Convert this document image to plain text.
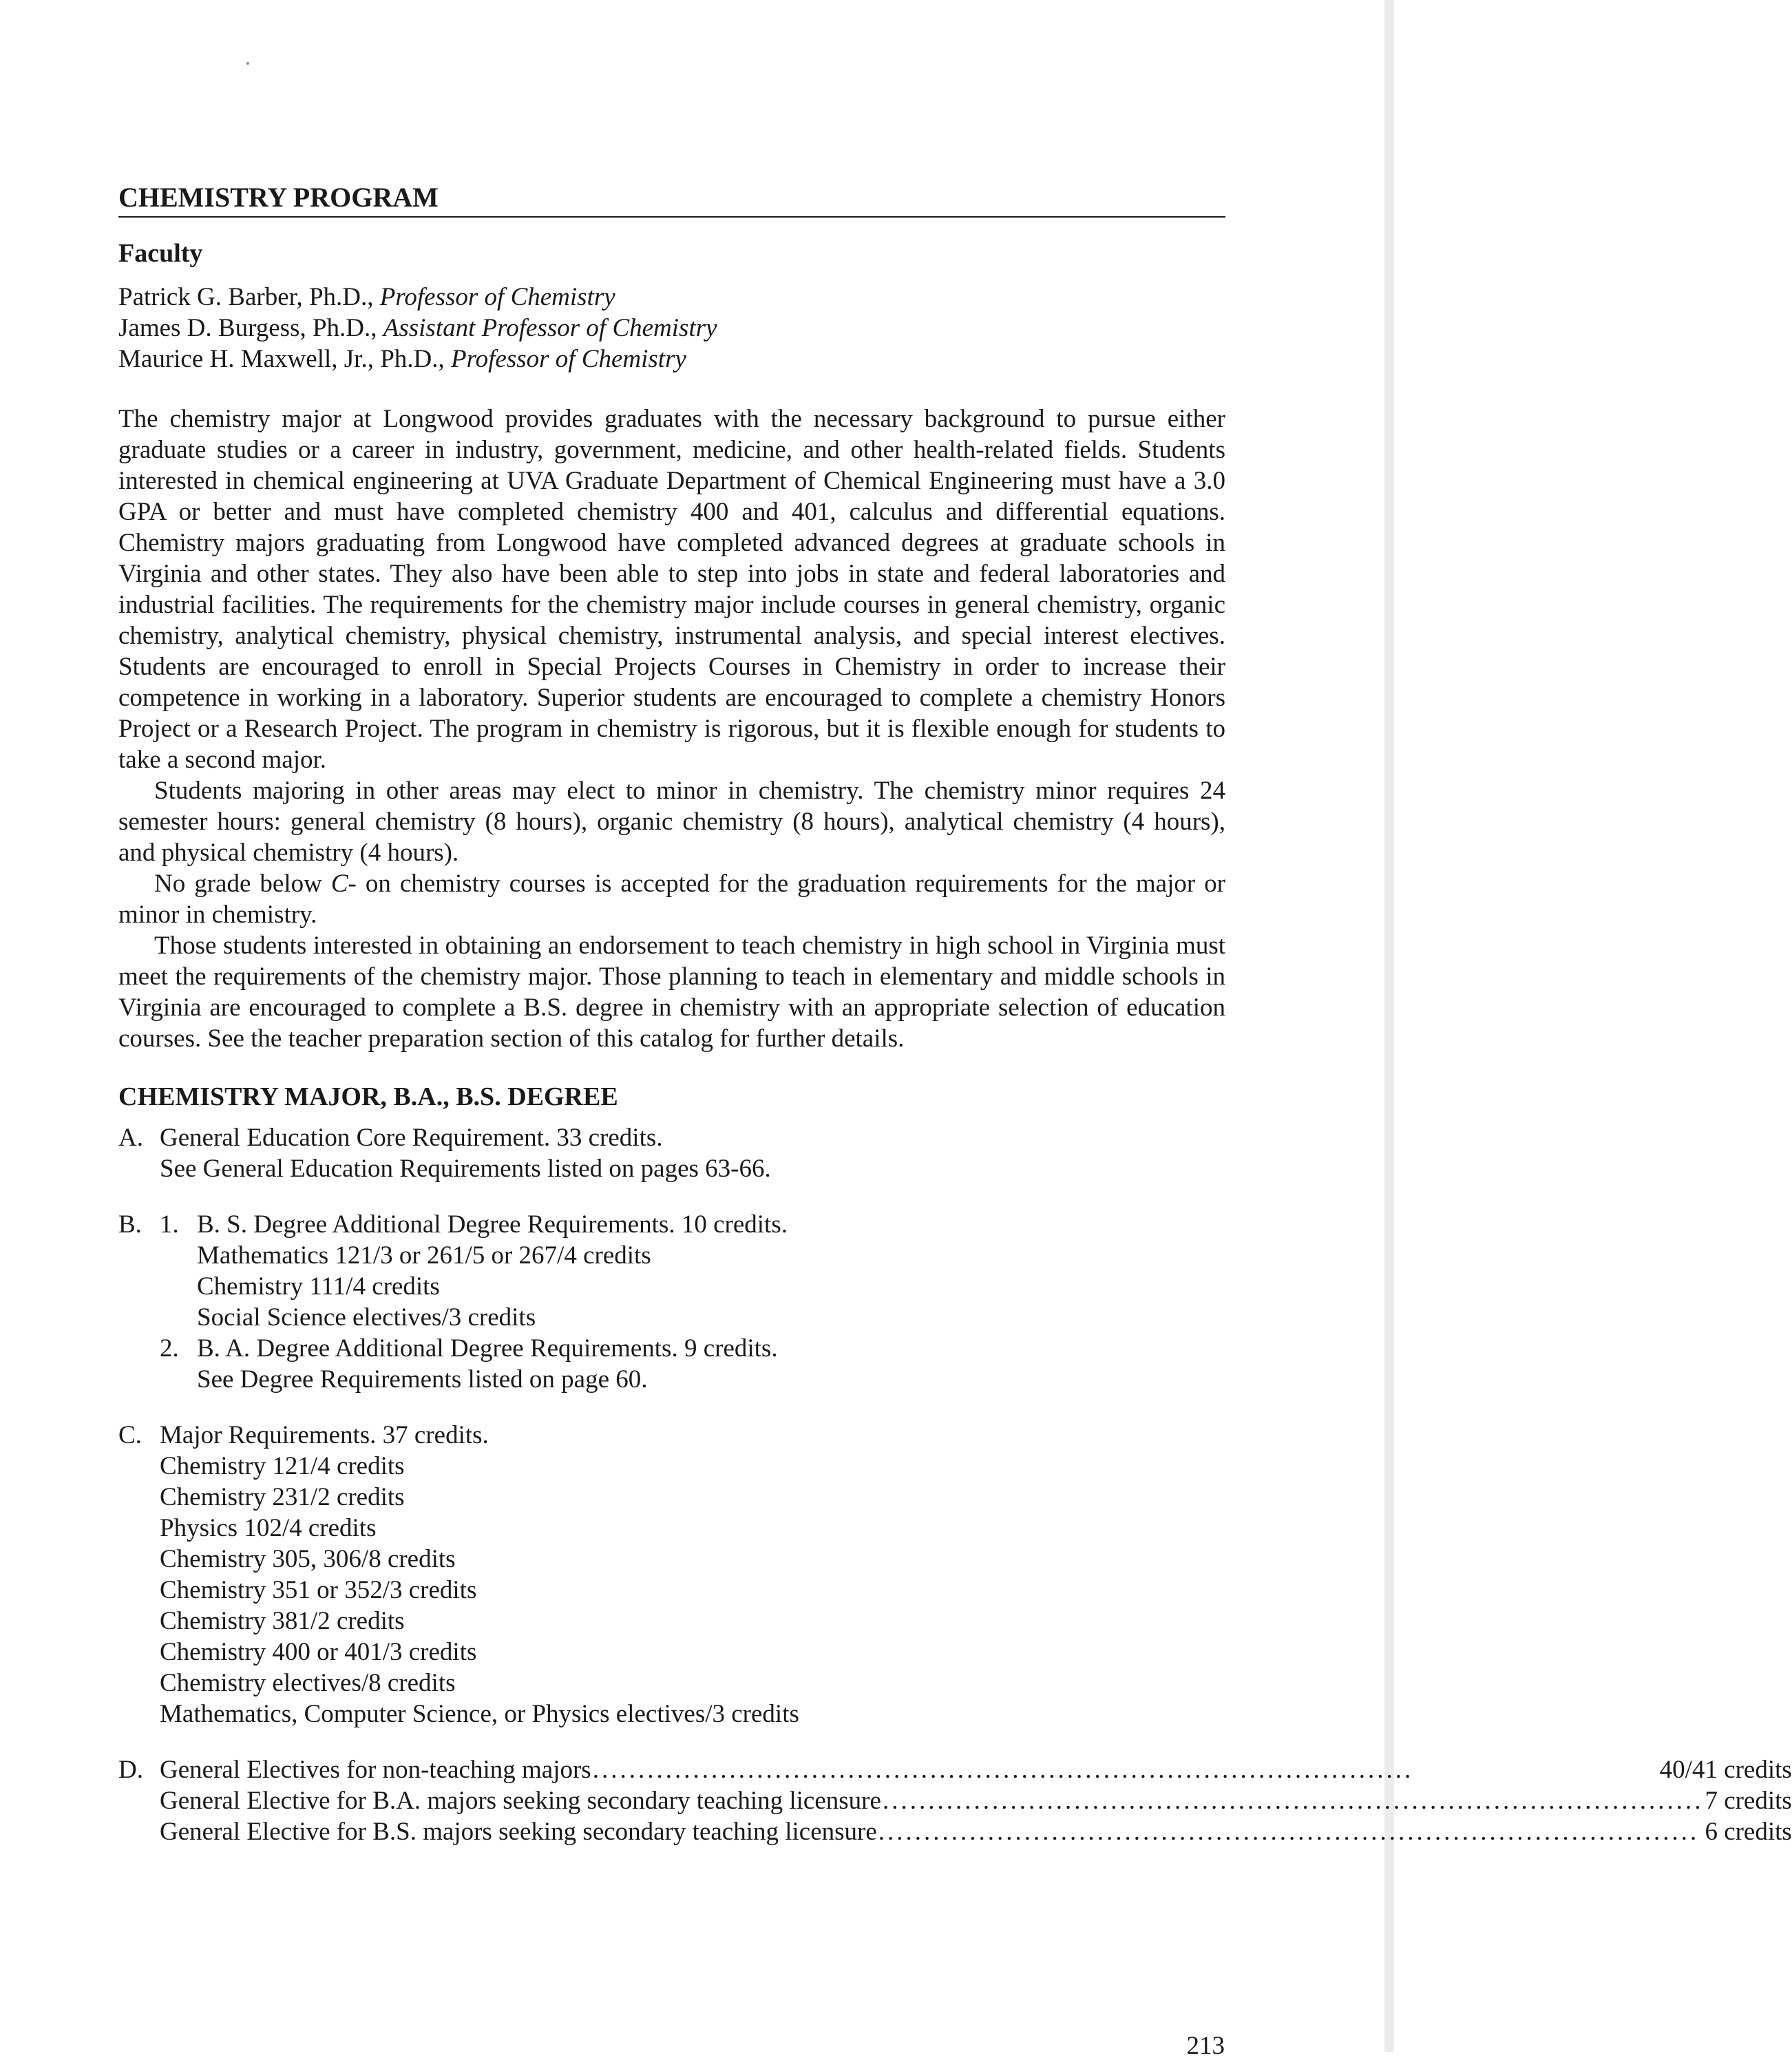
CHEMISTRY PROGRAM
Faculty
Patrick G. Barber, Ph.D., Professor of Chemistry
James D. Burgess, Ph.D., Assistant Professor of Chemistry
Maurice H. Maxwell, Jr., Ph.D., Professor of Chemistry

The chemistry major at Longwood provides graduates with the necessary background to pursue either graduate studies or a career in industry, government, medicine, and other health-related fields. Students interested in chemical engineering at UVA Graduate Department of Chemical Engineering must have a 3.0 GPA or better and must have completed chemistry 400 and 401, calculus and differential equations. Chemistry majors graduating from Longwood have completed advanced degrees at graduate schools in Virginia and other states. They also have been able to step into jobs in state and federal laboratories and industrial facilities. The requirements for the chemistry major include courses in general chemistry, organic chemistry, analytical chemistry, physical chemistry, instrumental analysis, and special interest electives. Students are encouraged to enroll in Special Projects Courses in Chemistry in order to increase their competence in working in a laboratory. Superior students are encouraged to complete a chemistry Honors Project or a Research Project. The program in chemistry is rigorous, but it is flexible enough for students to take a second major.

Students majoring in other areas may elect to minor in chemistry. The chemistry minor requires 24 semester hours: general chemistry (8 hours), organic chemistry (8 hours), analytical chemistry (4 hours), and physical chemistry (4 hours).

No grade below C- on chemistry courses is accepted for the graduation requirements for the major or minor in chemistry.

Those students interested in obtaining an endorsement to teach chemistry in high school in Virginia must meet the requirements of the chemistry major. Those planning to teach in elementary and middle schools in Virginia are encouraged to complete a B.S. degree in chemistry with an appropriate selection of education courses. See the teacher preparation section of this catalog for further details.

CHEMISTRY MAJOR, B.A., B.S. DEGREE
A. General Education Core Requirement. 33 credits.
See General Education Requirements listed on pages 63-66.
B. 1. B. S. Degree Additional Degree Requirements. 10 credits.
Mathematics 121/3 or 261/5 or 267/4 credits
Chemistry 111/4 credits
Social Science electives/3 credits
2. B. A. Degree Additional Degree Requirements. 9 credits.
See Degree Requirements listed on page 60.
C. Major Requirements. 37 credits.
Chemistry 121/4 credits
Chemistry 231/2 credits
Physics 102/4 credits
Chemistry 305, 306/8 credits
Chemistry 351 or 352/3 credits
Chemistry 381/2 credits
Chemistry 400 or 401/3 credits
Chemistry electives/8 credits
Mathematics, Computer Science, or Physics electives/3 credits
D. General Electives for non-teaching majors ..........................................................................................	40/41 credits
General Elective for B.A. majors seeking secondary teaching licensure .......................................................................................... 7 credits
General Elective for B.S. majors seeking secondary teaching licensure .......................................................................................... 6 credits
213
